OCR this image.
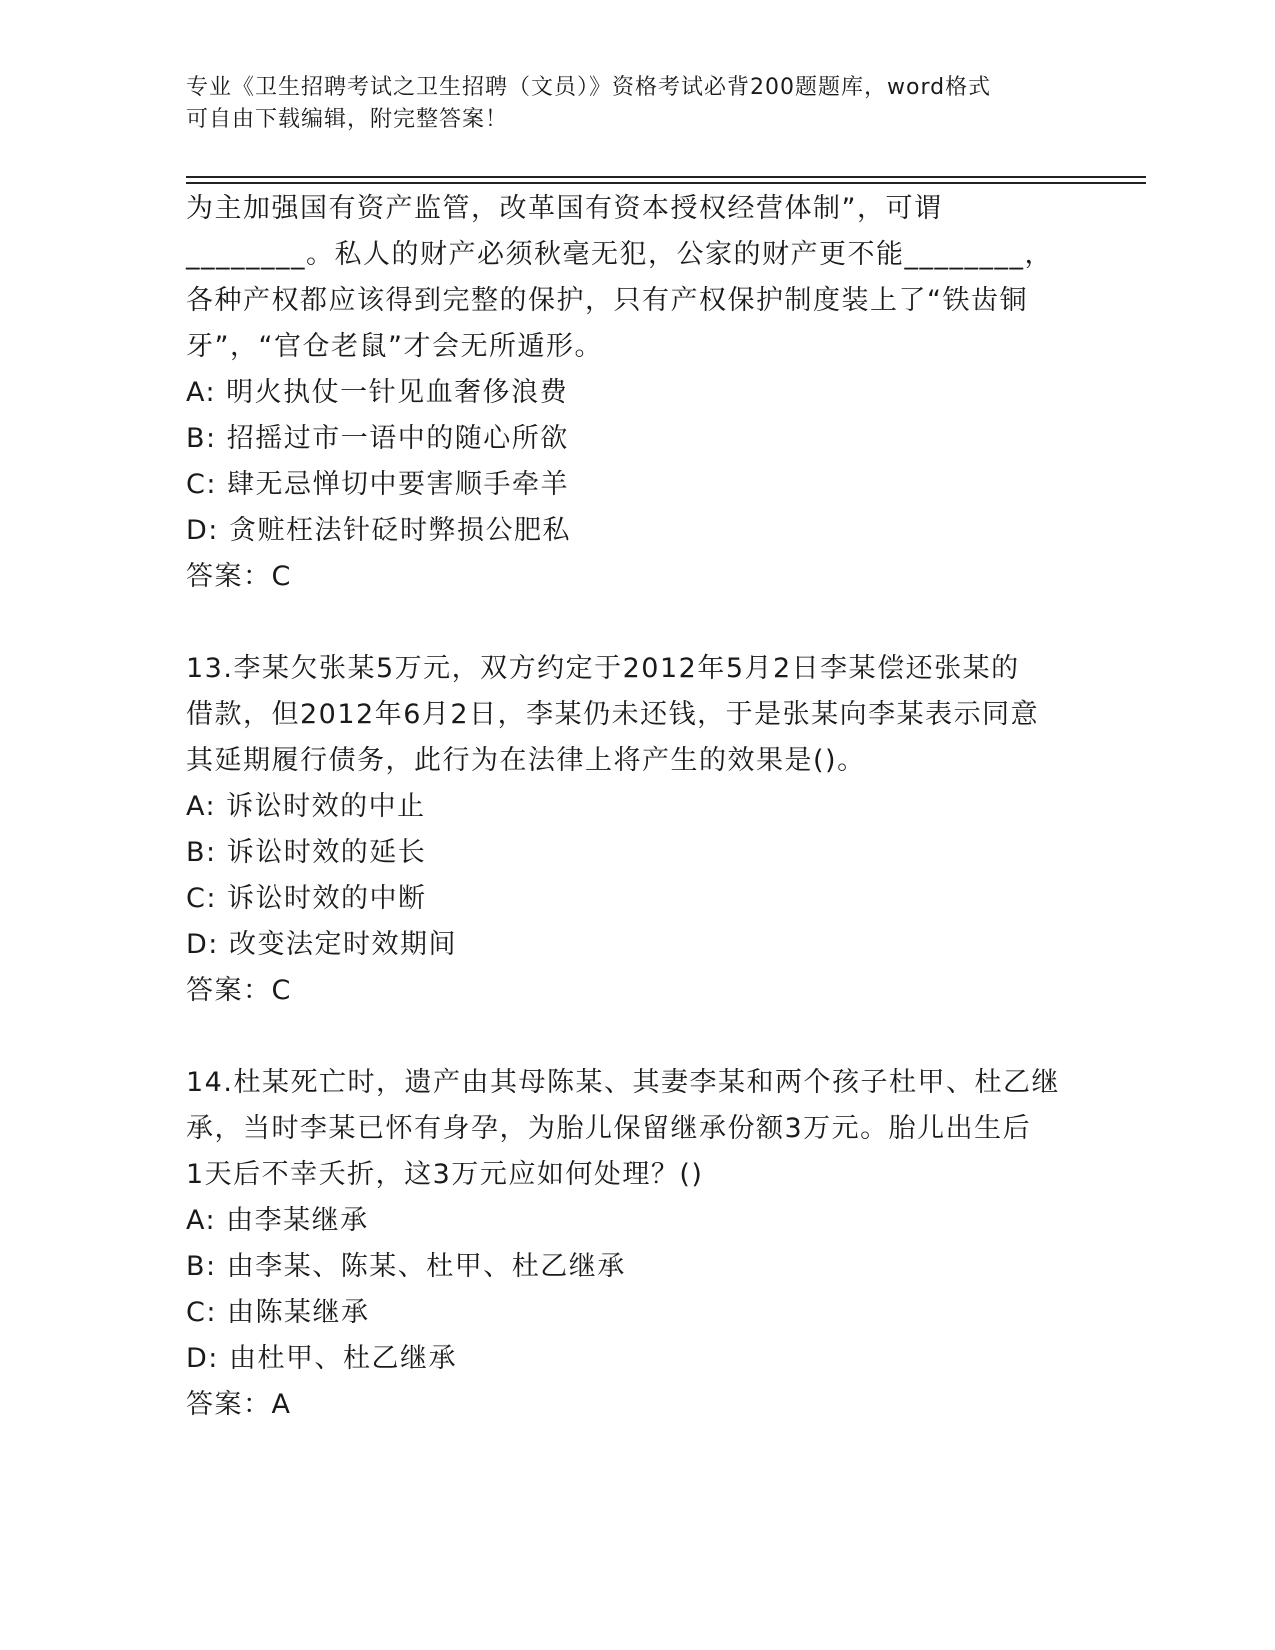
专业《卫生招聘考试之卫生招聘（文员）》资格考试必背200题题库，word格式
可自由下载编辑，附完整答案！

为主加强国有资产监管，改革国有资本授权经营体制”，可谓

________。私人的财产必须秋毫无犯，公家的财产更不能________，

各种产权都应该得到完整的保护，只有产权保护制度装上了“铁齿铜

牙”，“官仓老鼠”才会无所遁形。

A: 明火执仗一针见血奢侈浪费

B: 招摇过市一语中的随心所欲

C: 肆无忌惮切中要害顺手牵羊

D: 贪赃枉法针砭时弊损公肥私

答案：C

13.李某欠张某5万元，双方约定于2012年5月2日李某偿还张某的

借款，但2012年6月2日，李某仍未还钱，于是张某向李某表示同意

其延期履行债务，此行为在法律上将产生的效果是()。

A: 诉讼时效的中止

B: 诉讼时效的延长

C: 诉讼时效的中断

D: 改变法定时效期间

答案：C

14.杜某死亡时，遗产由其母陈某、其妻李某和两个孩子杜甲、杜乙继

承，当时李某已怀有身孕，为胎儿保留继承份额3万元。胎儿出生后

1天后不幸夭折，这3万元应如何处理？()

A: 由李某继承

B: 由李某、陈某、杜甲、杜乙继承

C: 由陈某继承

D: 由杜甲、杜乙继承

答案：A
